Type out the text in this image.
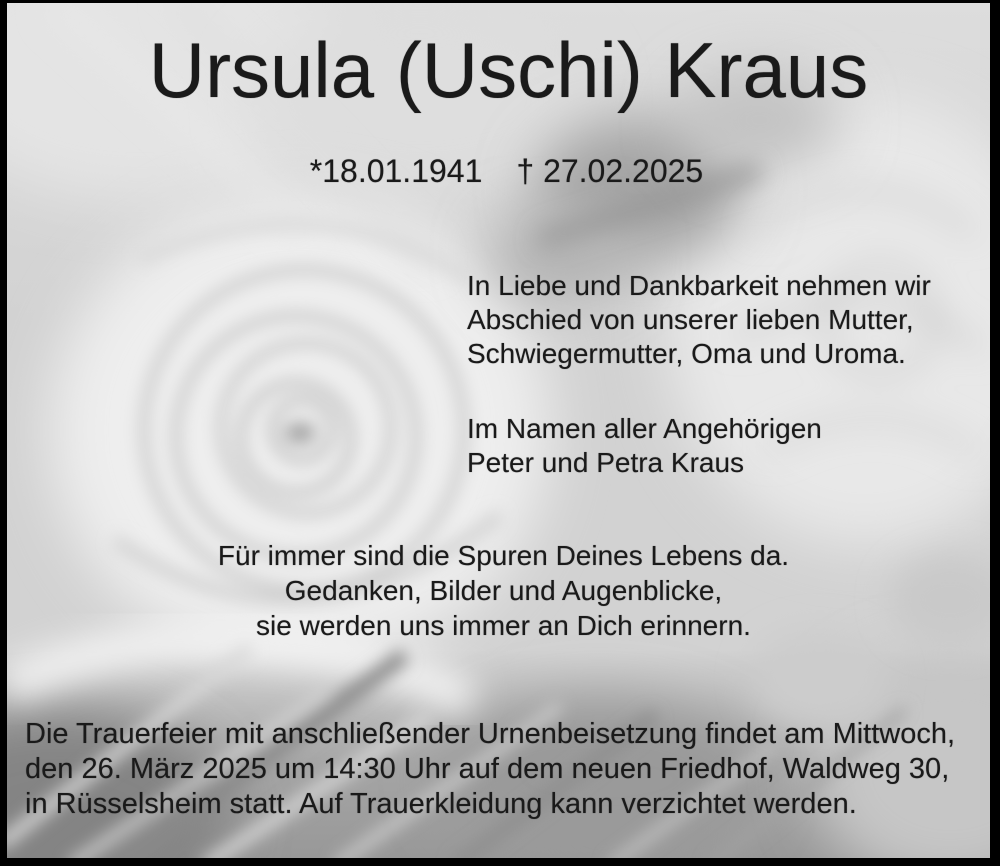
Ursula (Uschi) Kraus
*18.01.1941 † 27.02.2025
In Liebe und Dankbarkeit nehmen wir
Abschied von unserer lieben Mutter,
Schwiegermutter, Oma und Uroma.
Im Namen aller Angehörigen
Peter und Petra Kraus
Für immer sind die Spuren Deines Lebens da.
Gedanken, Bilder und Augenblicke,
sie werden uns immer an Dich erinnern.
Die Trauerfeier mit anschließender Urnenbeisetzung findet am Mittwoch,
den 26. März 2025 um 14:30 Uhr auf dem neuen Friedhof, Waldweg 30,
in Rüsselsheim statt. Auf Trauerkleidung kann verzichtet werden.
